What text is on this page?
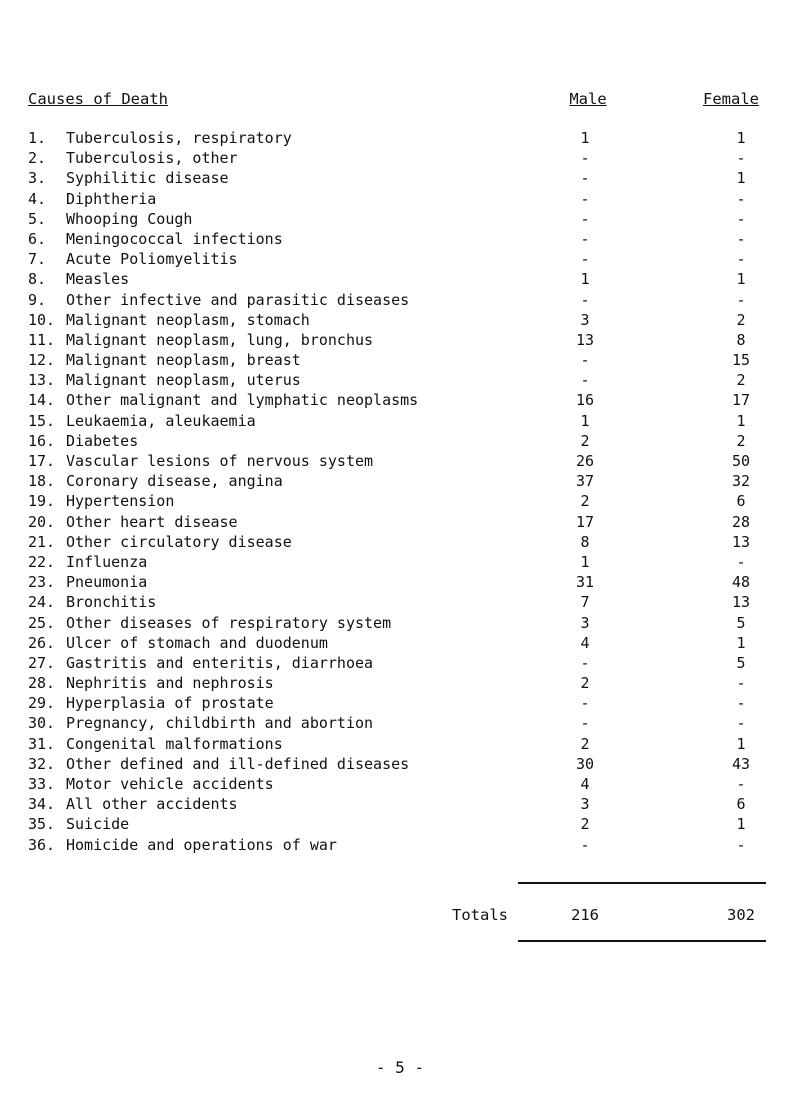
Causes of Death	Male	Female
1. Tuberculosis, respiratory	1	1
2. Tuberculosis, other	-	-
3. Syphilitic disease	-	1
4. Diphtheria	-	-
5. Whooping Cough	-	-
6. Meningococcal infections	-	-
7. Acute Poliomyelitis	-	-
8. Measles	1	1
9. Other infective and parasitic diseases	-	-
10. Malignant neoplasm, stomach	3	2
11. Malignant neoplasm, lung, bronchus	13	8
12. Malignant neoplasm, breast	-	15
13. Malignant neoplasm, uterus	-	2
14. Other malignant and lymphatic neoplasms	16	17
15. Leukaemia, aleukaemia	1	1
16. Diabetes	2	2
17. Vascular lesions of nervous system	26	50
18. Coronary disease, angina	37	32
19. Hypertension	2	6
20. Other heart disease	17	28
21. Other circulatory disease	8	13
22. Influenza	1	-
23. Pneumonia	31	48
24. Bronchitis	7	13
25. Other diseases of respiratory system	3	5
26. Ulcer of stomach and duodenum	4	1
27. Gastritis and enteritis, diarrhoea	-	5
28. Nephritis and nephrosis	2	-
29. Hyperplasia of prostate	-	-
30. Pregnancy, childbirth and abortion	-	-
31. Congenital malformations	2	1
32. Other defined and ill-defined diseases	30	43
33. Motor vehicle accidents	4	-
34. All other accidents	3	6
35. Suicide	2	1
36. Homicide and operations of war	-	-
Totals	216	302
- 5 -
